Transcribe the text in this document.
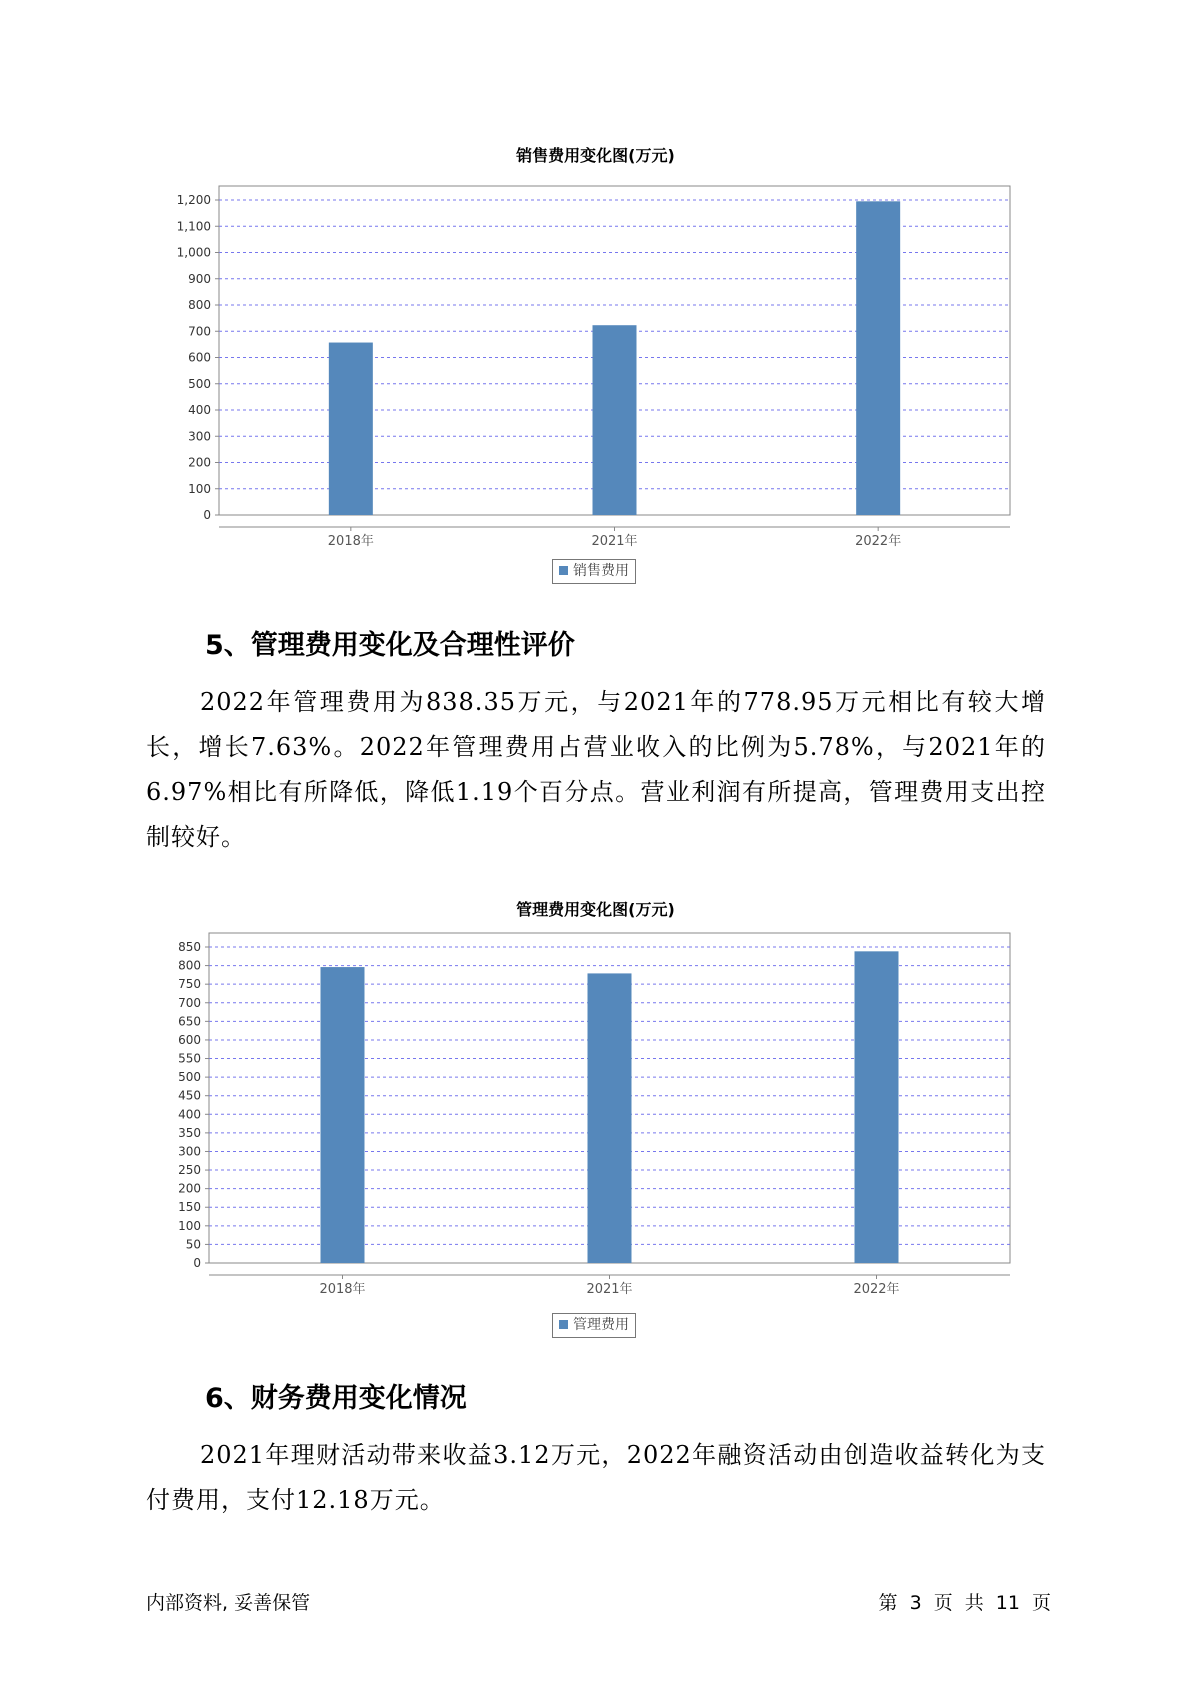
销售费用变化图(万元)
0
100
200
300
400
500
600
700
800
900
1,000
1,100
1,200
2018年	2021年	2022年
销售费用
5、管理费用变化及合理性评价
2022年管理费用为838.35万元，与2021年的778.95万元相比有较大增长，增长7.63%。2022年管理费用占营业收入的比例为5.78%，与2021年的6.97%相比有所降低，降低1.19个百分点。营业利润有所提高，管理费用支出控制较好。
管理费用变化图(万元)
0
50
100
150
200
250
300
350
400
450
500
550
600
650
700
750
800
850
2018年	2021年	2022年
管理费用
6、财务费用变化情况
2021年理财活动带来收益3.12万元，2022年融资活动由创造收益转化为支付费用，支付12.18万元。
内部资料, 妥善保管	第 3 页 共 11 页
